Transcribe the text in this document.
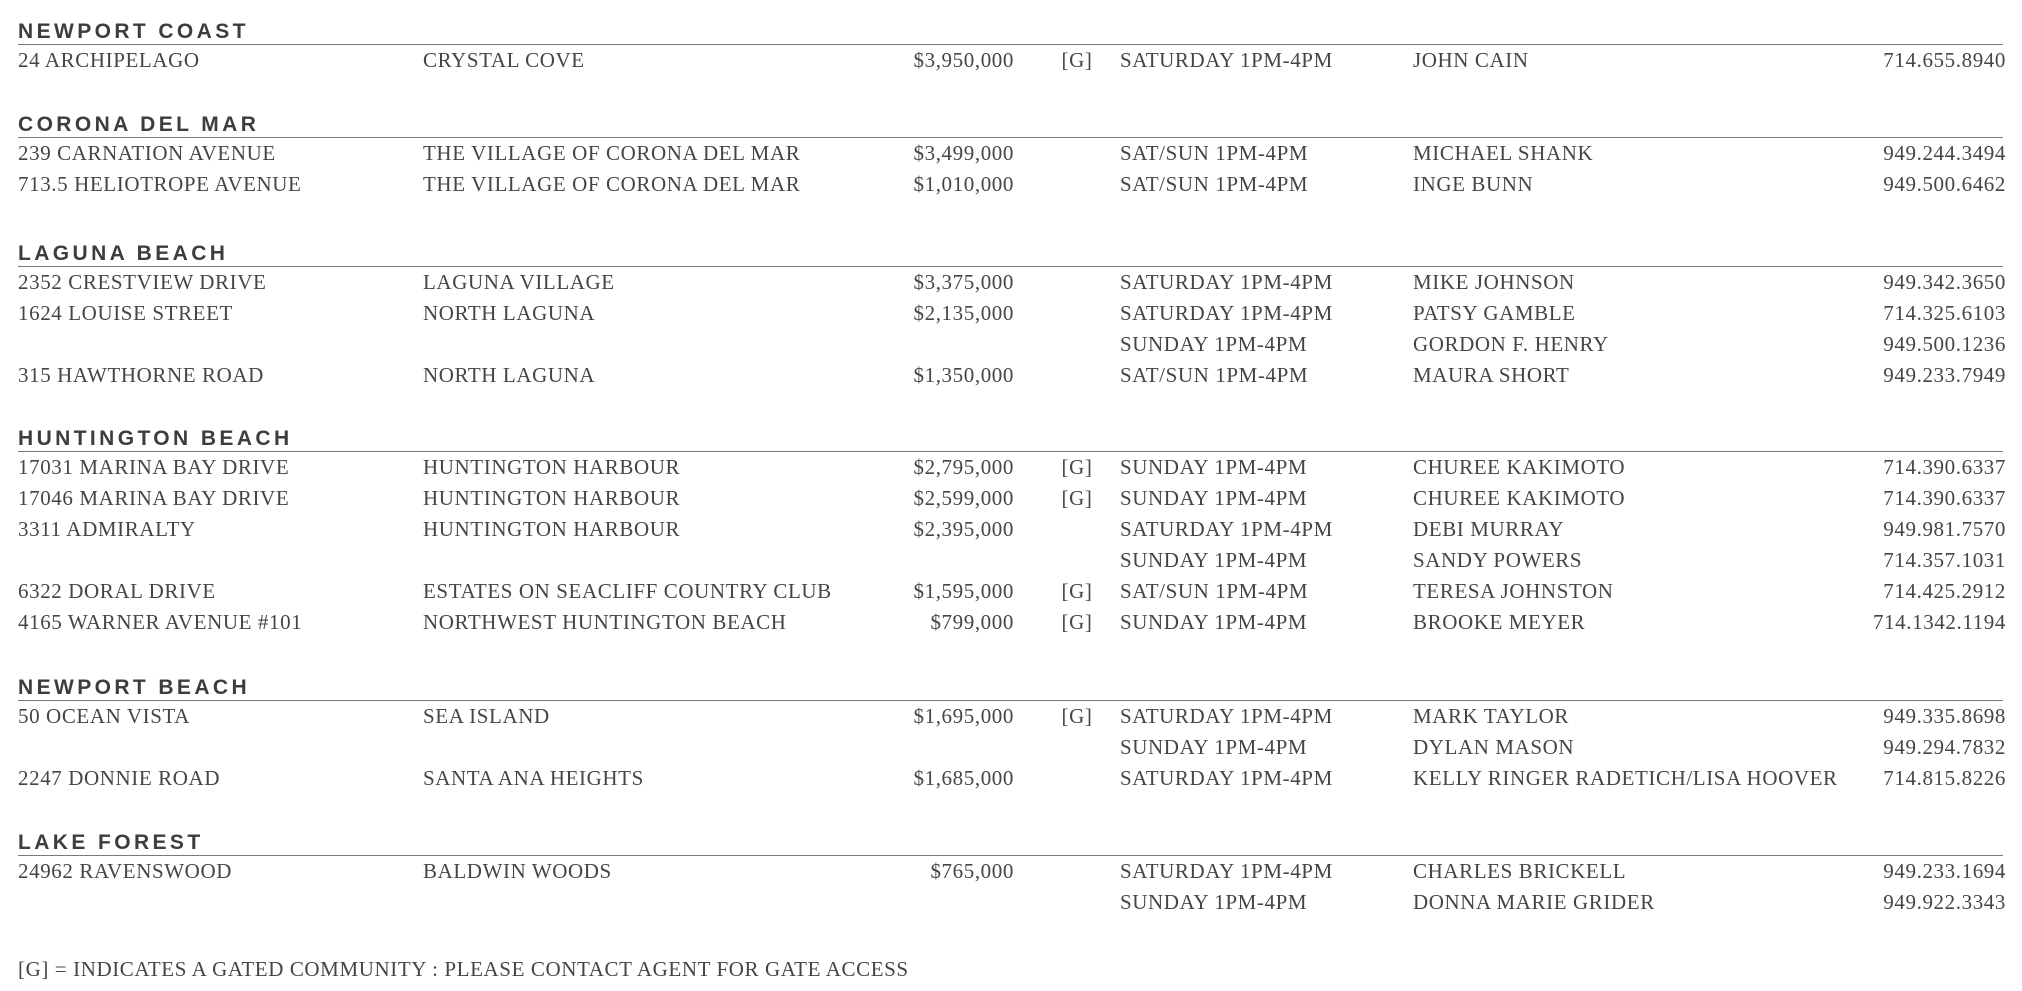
NEWPORT COAST
24 ARCHIPELAGO	CRYSTAL COVE	$3,950,000 [G] SATURDAY 1PM-4PM	JOHN CAIN	714.655.8940
CORONA DEL MAR
239 CARNATION AVENUE	THE VILLAGE OF CORONA DEL MAR	$3,499,000	SAT/SUN 1PM-4PM	MICHAEL SHANK	949.244.3494
713.5 HELIOTROPE AVENUE	THE VILLAGE OF CORONA DEL MAR	$1,010,000	SAT/SUN 1PM-4PM	INGE BUNN	949.500.6462
LAGUNA BEACH
2352 CRESTVIEW DRIVE	LAGUNA VILLAGE	$3,375,000	SATURDAY 1PM-4PM	MIKE JOHNSON	949.342.3650
1624 LOUISE STREET	NORTH LAGUNA	$2,135,000	SATURDAY 1PM-4PM	PATSY GAMBLE	714.325.6103
SUNDAY 1PM-4PM	GORDON F. HENRY	949.500.1236
315 HAWTHORNE ROAD	NORTH LAGUNA	$1,350,000	SAT/SUN 1PM-4PM	MAURA SHORT	949.233.7949
HUNTINGTON BEACH
17031 MARINA BAY DRIVE	HUNTINGTON HARBOUR	$2,795,000 [G] SUNDAY 1PM-4PM	CHUREE KAKIMOTO	714.390.6337
17046 MARINA BAY DRIVE	HUNTINGTON HARBOUR	$2,599,000 [G] SUNDAY 1PM-4PM	CHUREE KAKIMOTO	714.390.6337
3311 ADMIRALTY	HUNTINGTON HARBOUR	$2,395,000	SATURDAY 1PM-4PM	DEBI MURRAY	949.981.7570
SUNDAY 1PM-4PM	SANDY POWERS	714.357.1031
6322 DORAL DRIVE	ESTATES ON SEACLIFF COUNTRY CLUB	$1,595,000 [G] SAT/SUN 1PM-4PM	TERESA JOHNSTON	714.425.2912
4165 WARNER AVENUE #101	NORTHWEST HUNTINGTON BEACH	$799,000 [G] SUNDAY 1PM-4PM	BROOKE MEYER	714.1342.1194
NEWPORT BEACH
50 OCEAN VISTA	SEA ISLAND	$1,695,000 [G] SATURDAY 1PM-4PM	MARK TAYLOR	949.335.8698
SUNDAY 1PM-4PM	DYLAN MASON	949.294.7832
2247 DONNIE ROAD	SANTA ANA HEIGHTS	$1,685,000	SATURDAY 1PM-4PM	KELLY RINGER RADETICH/LISA HOOVER 714.815.8226
LAKE FOREST
24962 RAVENSWOOD	BALDWIN WOODS	$765,000	SATURDAY 1PM-4PM	CHARLES BRICKELL	949.233.1694
SUNDAY 1PM-4PM	DONNA MARIE GRIDER	949.922.3343
[G] = INDICATES A GATED COMMUNITY : PLEASE CONTACT AGENT FOR GATE ACCESS
